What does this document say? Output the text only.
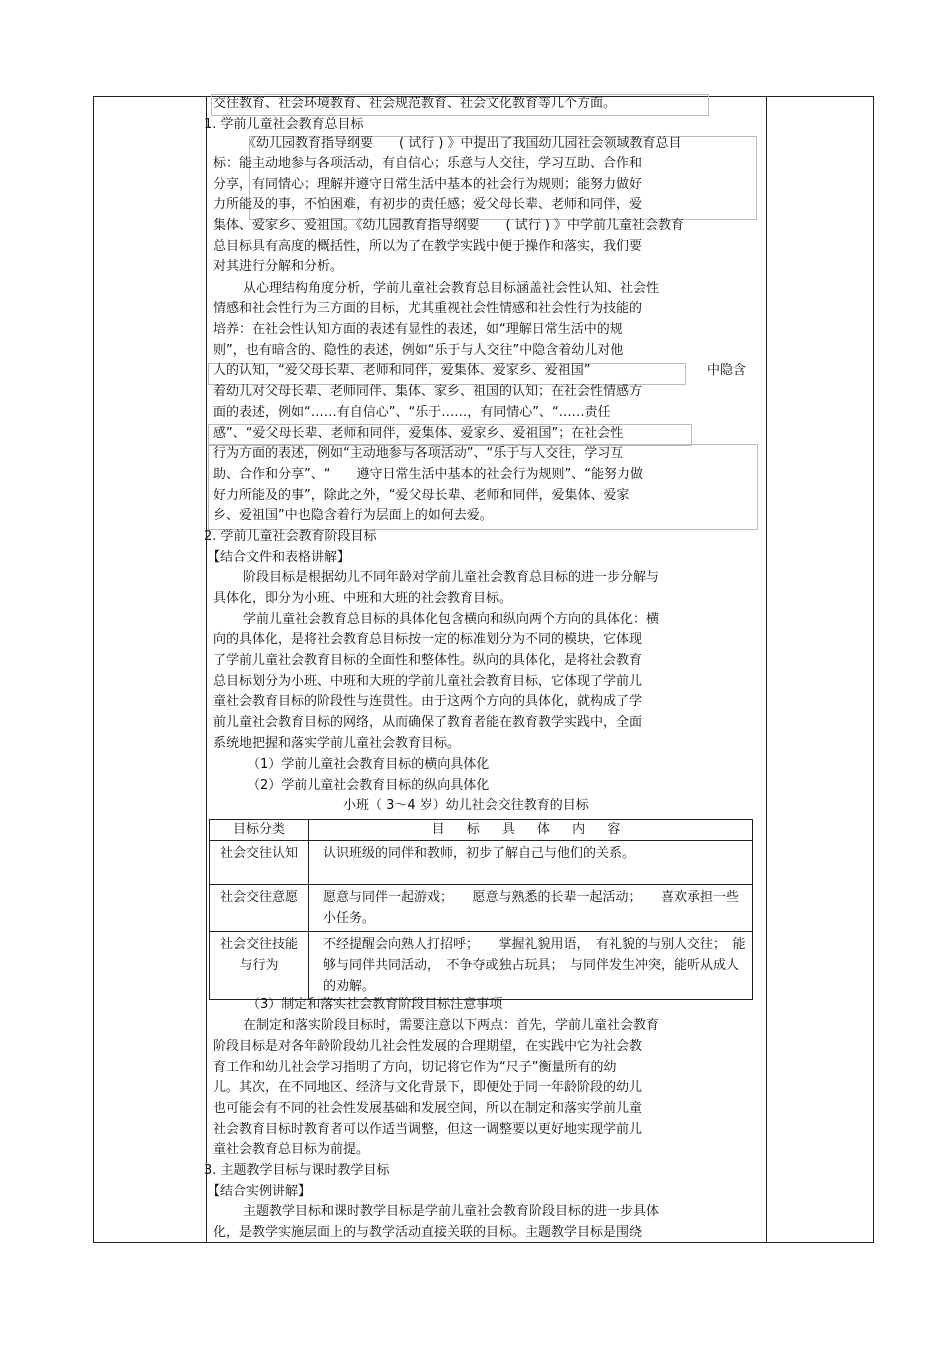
交往教育、社会环境教育、社会规范教育、社会文化教育等几个方面。
1. 学前儿童社会教育总目标
《幼儿园教育指导纲要　　( 试行 ) 》中提出了我国幼儿园社会领域教育总目
标：能主动地参与各项活动，有自信心；乐意与人交往，学习互助、合作和
分享，有同情心；理解并遵守日常生活中基本的社会行为规则；能努力做好
力所能及的事，不怕困难，有初步的责任感；爱父母长辈、老师和同伴，爱
集体、爱家乡、爱祖国。《幼儿园教育指导纲要　　( 试行 ) 》中学前儿童社会教育
总目标具有高度的概括性，所以为了在教学实践中便于操作和落实，我们要
对其进行分解和分析。
从心理结构角度分析，学前儿童社会教育总目标涵盖社会性认知、社会性
情感和社会性行为三方面的目标，尤其重视社会性情感和社会性行为技能的
培养：在社会性认知方面的表述有显性的表述，如“理解日常生活中的规
则”，也有暗含的、隐性的表述，例如“乐于与人交往”中隐含着幼儿对他
人的认知，“爱父母长辈、老师和同伴，爱集体、爱家乡、爱祖国”
着幼儿对父母长辈、老师同伴、集体、家乡、祖国的认知；在社会性情感方
面的表述，例如“……有自信心”、“乐于……，有同情心”、“……责任
感”、“爱父母长辈、老师和同伴，爱集体、爱家乡、爱祖国”；在社会性
行为方面的表述，例如“主动地参与各项活动”、“乐于与人交往，学习互
助、合作和分享”、“　　遵守日常生活中基本的社会行为规则”、“能努力做
好力所能及的事”，除此之外，“爱父母长辈、老师和同伴，爱集体、爱家
乡、爱祖国”中也隐含着行为层面上的如何去爱。
2. 学前儿童社会教育阶段目标
【结合文件和表格讲解】
阶段目标是根据幼儿不同年龄对学前儿童社会教育总目标的进一步分解与
具体化，即分为小班、中班和大班的社会教育目标。
学前儿童社会教育总目标的具体化包含横向和纵向两个方向的具体化：横
向的具体化，是将社会教育总目标按一定的标准划分为不同的模块，它体现
了学前儿童社会教育目标的全面性和整体性。纵向的具体化，是将社会教育
总目标划分为小班、中班和大班的学前儿童社会教育目标，它体现了学前儿
童社会教育目标的阶段性与连贯性。由于这两个方向的具体化，就构成了学
前儿童社会教育目标的网络，从而确保了教育者能在教育教学实践中，全面
系统地把握和落实学前儿童社会教育目标。
（1）学前儿童社会教育目标的横向具体化
（2）学前儿童社会教育目标的纵向具体化
小班（ 3～4 岁）幼儿社会交往教育的目标
（3）制定和落实社会教育阶段目标注意事项
在制定和落实阶段目标时，需要注意以下两点：首先，学前儿童社会教育
阶段目标是对各年龄阶段幼儿社会性发展的合理期望，在实践中它为社会教
育工作和幼儿社会学习指明了方向，切记将它作为“尺子”衡量所有的幼
儿。其次，在不同地区、经济与文化背景下，即便处于同一年龄阶段的幼儿
也可能会有不同的社会性发展基础和发展空间，所以在制定和落实学前儿童
社会教育目标时教育者可以作适当调整，但这一调整要以更好地实现学前儿
童社会教育总目标为前提。
3. 主题教学目标与课时教学目标
【结合实例讲解】
主题教学目标和课时教学目标是学前儿童社会教育阶段目标的进一步具体
化，是教学实施层面上的与教学活动直接关联的目标。主题教学目标是围绕
中隐含
目标分类	目 标 具 体 内 容
社会交往认知	认识班级的同伴和教师，初步了解自己与他们的关系。
社会交往意愿	愿意与同伴一起游戏；　　愿意与熟悉的长辈一起活动；　　喜欢承担一些小任务。
社会交往技能与行为	不经提醒会向熟人打招呼；　　掌握礼貌用语，　有礼貌的与别人交往；　能够与同伴共同活动，　不争夺或独占玩具；　与同伴发生冲突，能听从成人的劝解。
